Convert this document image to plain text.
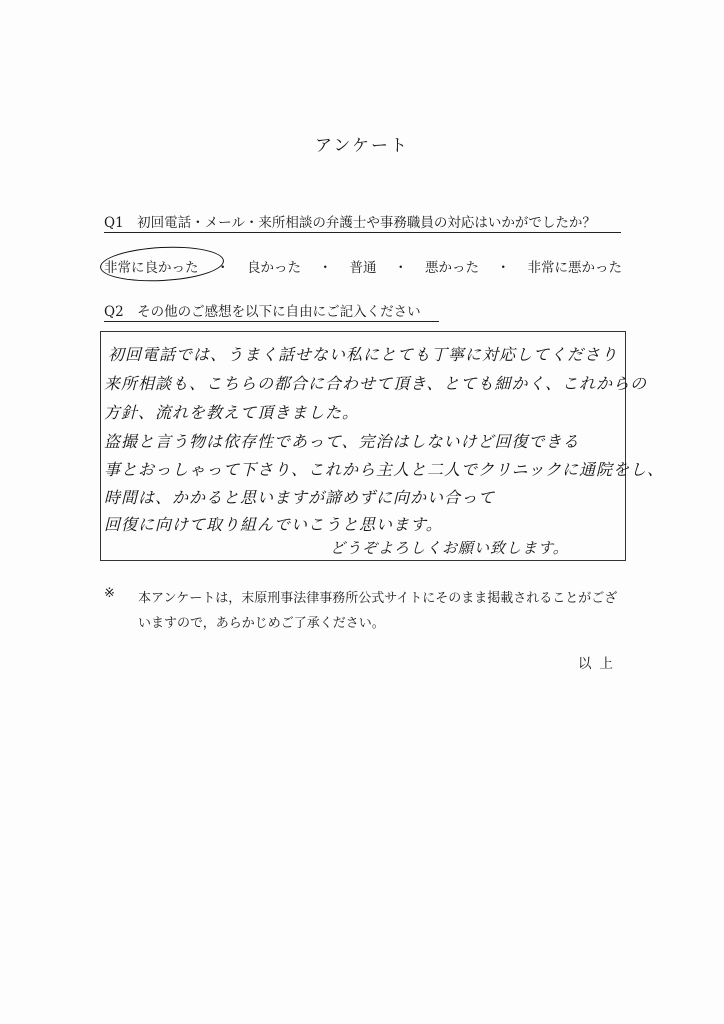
アンケート
Q1　初回電話・メール・来所相談の弁護士や事務職員の対応はいかがでしたか？
非常に良かった ・ 良かった ・ 普通 ・ 悪かった ・ 非常に悪かった
Q2　その他のご感想を以下に自由にご記入ください
初回電話では、うまく話せない私にとても丁寧に対応してくださり
来所相談も、こちらの都合に合わせて頂き、とても細かく、これからの
方針、流れを教えて頂きました。
盗撮と言う物は依存性であって、完治はしないけど回復できる
事とおっしゃって下さり、これから主人と二人でクリニックに通院をし、
時間は、かかると思いますが諦めずに向かい合って
回復に向けて取り組んでいこうと思います。
どうぞよろしくお願い致します。
※ 本アンケートは，末原刑事法律事務所公式サイトにそのまま掲載されることがございますので，あらかじめご了承ください。
以上
